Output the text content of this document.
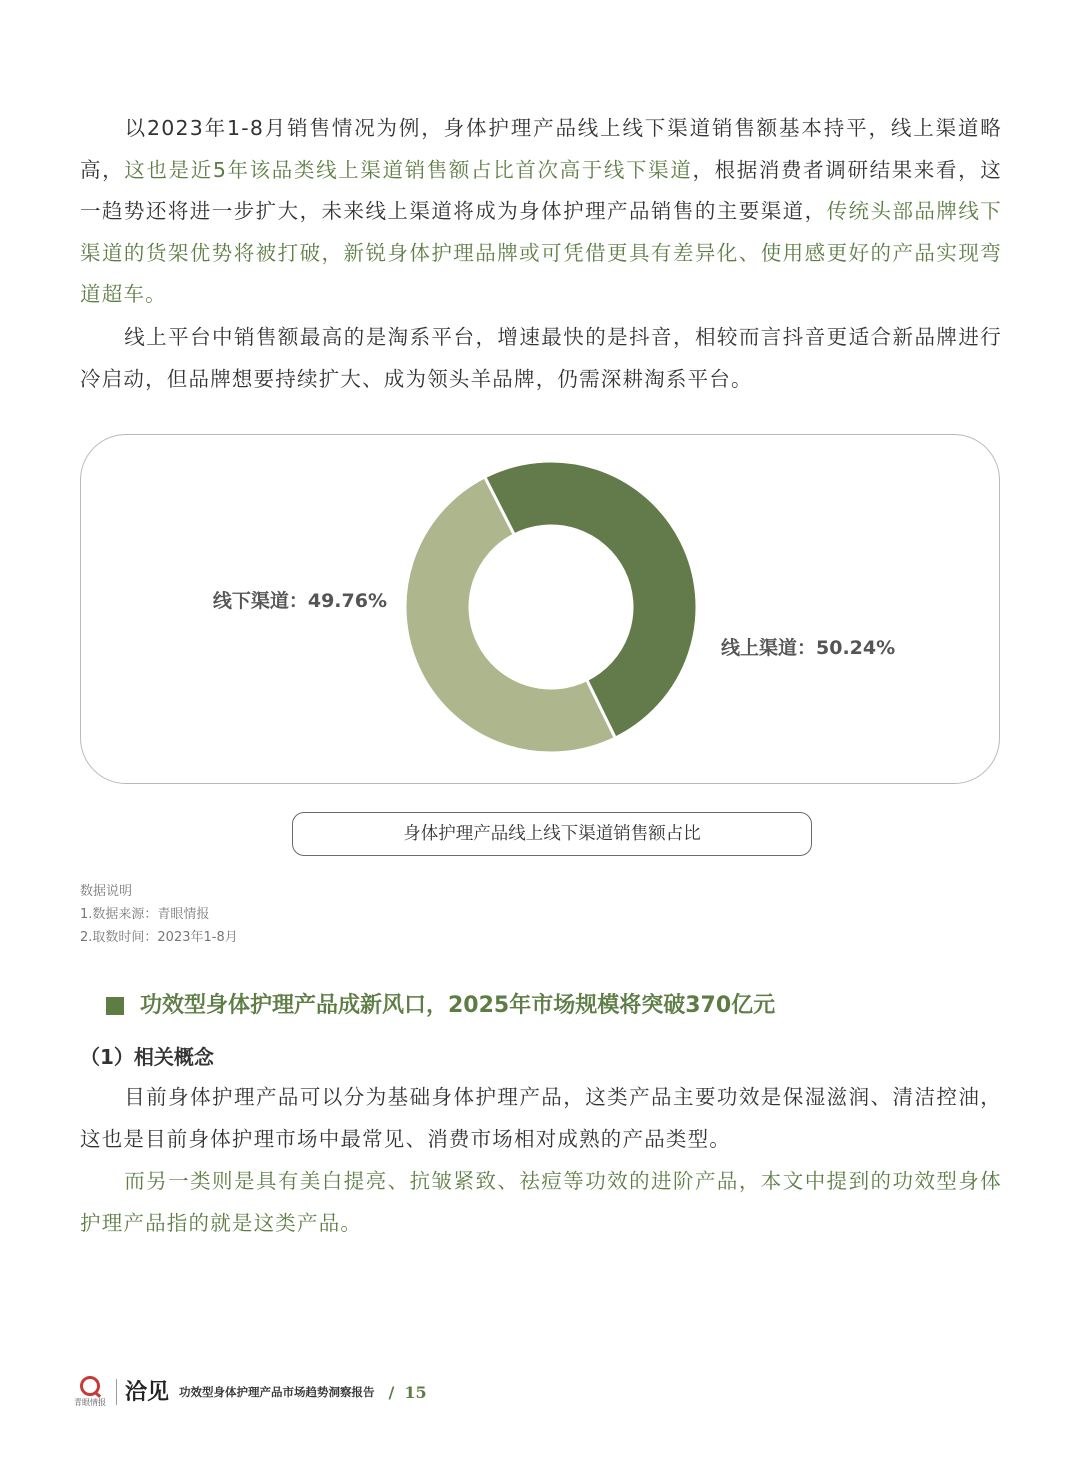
以2023年1-8月销售情况为例，身体护理产品线上线下渠道销售额基本持平，线上渠道略高，这也是近5年该品类线上渠道销售额占比首次高于线下渠道，根据消费者调研结果来看，这一趋势还将进一步扩大，未来线上渠道将成为身体护理产品销售的主要渠道，传统头部品牌线下渠道的货架优势将被打破，新锐身体护理品牌或可凭借更具有差异化、使用感更好的产品实现弯道超车。

线上平台中销售额最高的是淘系平台，增速最快的是抖音，相较而言抖音更适合新品牌进行冷启动，但品牌想要持续扩大、成为领头羊品牌，仍需深耕淘系平台。

线上渠道：50.24%
线下渠道：49.76%
身体护理产品线上线下渠道销售额占比
数据说明
1.数据来源：青眼情报
2.取数时间：2023年1-8月
功效型身体护理产品成新风口，2025年市场规模将突破370亿元
（1）相关概念

目前身体护理产品可以分为基础身体护理产品，这类产品主要功效是保湿滋润、清洁控油，这也是目前身体护理市场中最常见、消费市场相对成熟的产品类型。

而另一类则是具有美白提亮、抗皱紧致、祛痘等功效的进阶产品，本文中提到的功效型身体护理产品指的就是这类产品。

青眼情报 洽见 功效型身体护理产品市场趋势洞察报告 / 15
